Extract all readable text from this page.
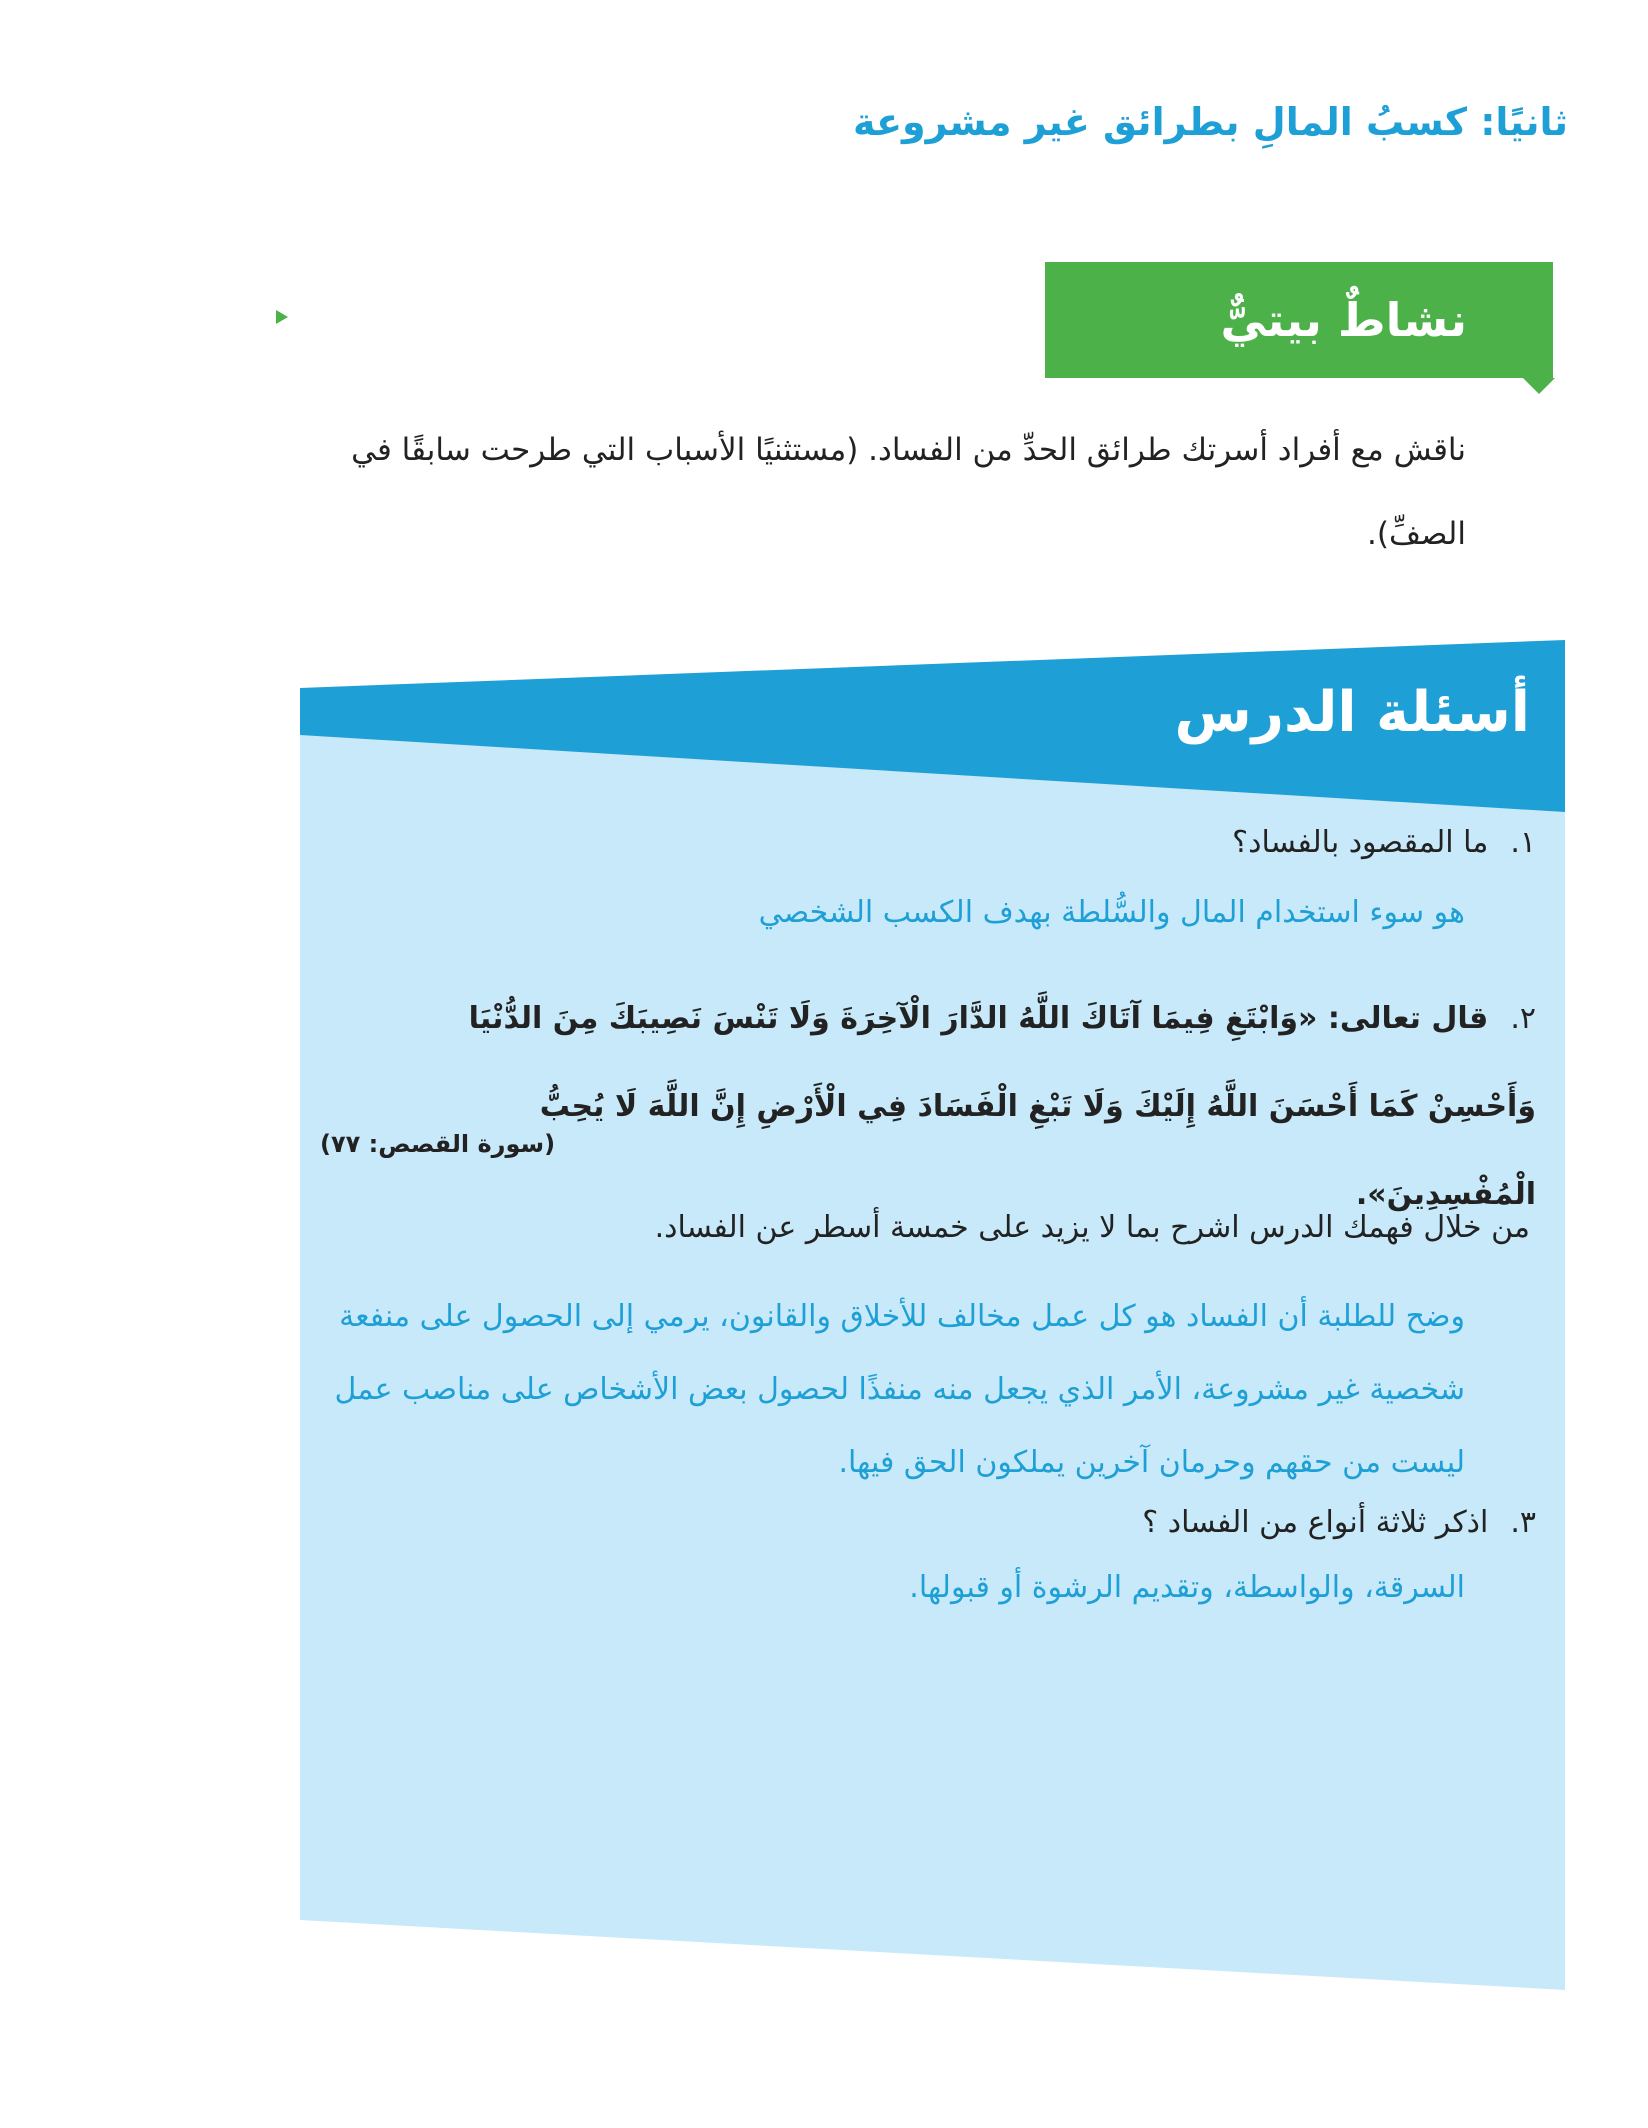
ثانيًا: كسبُ المالِ بطرائق غير مشروعة
نشاطٌ بيتيٌّ
ناقش مع أفراد أسرتك طرائق الحدِّ من الفساد. (مستثنيًا الأسباب التي طرحت سابقًا في الصفِّ).
أسئلة الدرس
١.ما المقصود بالفساد؟
هو سوء استخدام المال والسُّلطة بهدف الكسب الشخصي
٢.قال تعالى: «وَابْتَغِ فِيمَا آتَاكَ اللَّهُ الدَّارَ الْآخِرَةَ وَلَا تَنْسَ نَصِيبَكَ مِنَ الدُّنْيَا وَأَحْسِنْ كَمَا أَحْسَنَ اللَّهُ إِلَيْكَ وَلَا تَبْغِ الْفَسَادَ فِي الْأَرْضِ إِنَّ اللَّهَ لَا يُحِبُّ الْمُفْسِدِينَ».
(سورة القصص: ٧٧)
من خلال فهمك الدرس اشرح بما لا يزيد على خمسة أسطر عن الفساد.
وضح للطلبة أن الفساد هو كل عمل مخالف للأخلاق والقانون، يرمي إلى الحصول على منفعة شخصية غير مشروعة، الأمر الذي يجعل منه منفذًا لحصول بعض الأشخاص على مناصب عمل ليست من حقهم وحرمان آخرين يملكون الحق فيها.
٣.اذكر ثلاثة أنواع من الفساد ؟
السرقة، والواسطة، وتقديم الرشوة أو قبولها.
